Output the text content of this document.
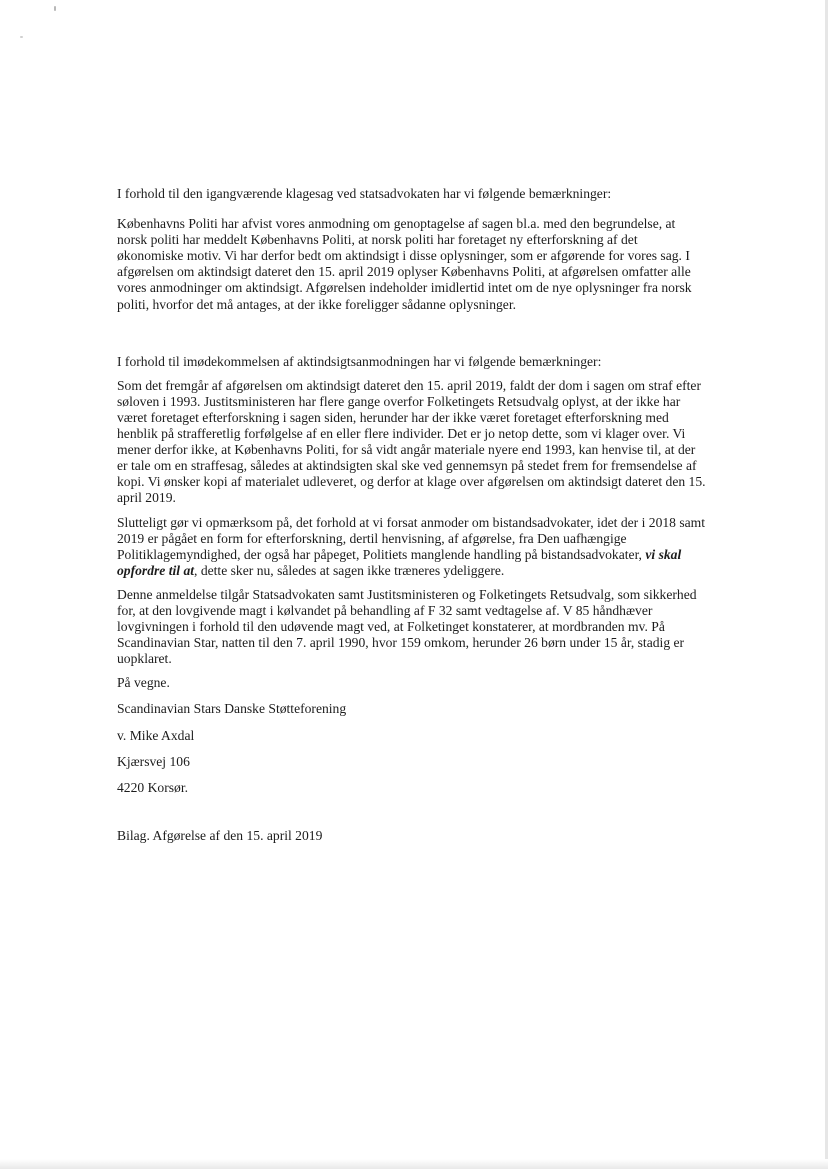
I forhold til den igangværende klagesag ved statsadvokaten har vi følgende bemærkninger:

Københavns Politi har afvist vores anmodning om genoptagelse af sagen bl.a. med den begrundelse, at norsk politi har meddelt Københavns Politi, at norsk politi har foretaget ny efterforskning af det økonomiske motiv. Vi har derfor bedt om aktindsigt i disse oplysninger, som er afgørende for vores sag. I afgørelsen om aktindsigt dateret den 15. april 2019 oplyser Københavns Politi, at afgørelsen omfatter alle vores anmodninger om aktindsigt. Afgørelsen indeholder imidlertid intet om de nye oplysninger fra norsk politi, hvorfor det må antages, at der ikke foreligger sådanne oplysninger.

I forhold til imødekommelsen af aktindsigtsanmodningen har vi følgende bemærkninger:

Som det fremgår af afgørelsen om aktindsigt dateret den 15. april 2019, faldt der dom i sagen om straf efter søloven i 1993. Justitsministeren har flere gange overfor Folketingets Retsudvalg oplyst, at der ikke har været foretaget efterforskning i sagen siden, herunder har der ikke været foretaget efterforskning med henblik på strafferetlig forfølgelse af en eller flere individer. Det er jo netop dette, som vi klager over. Vi mener derfor ikke, at Københavns Politi, for så vidt angår materiale nyere end 1993, kan henvise til, at der er tale om en straffesag, således at aktindsigten skal ske ved gennemsyn på stedet frem for fremsendelse af kopi. Vi ønsker kopi af materialet udleveret, og derfor at klage over afgørelsen om aktindsigt dateret den 15. april 2019.

Slutteligt gør vi opmærksom på, det forhold at vi forsat anmoder om bistandsadvokater, idet der i 2018 samt 2019 er pågået en form for efterforskning, dertil henvisning, af afgørelse, fra Den uafhængige Politiklagemyndighed, der også har påpeget, Politiets manglende handling på bistandsadvokater, vi skal opfordre til at, dette sker nu, således at sagen ikke træneres ydeliggere.

Denne anmeldelse tilgår Statsadvokaten samt Justitsministeren og Folketingets Retsudvalg, som sikkerhed for, at den lovgivende magt i kølvandet på behandling af F 32 samt vedtagelse af. V 85 håndhæver lovgivningen i forhold til den udøvende magt ved, at Folketinget konstaterer, at mordbranden mv. På Scandinavian Star, natten til den 7. april 1990, hvor 159 omkom, herunder 26 børn under 15 år, stadig er uopklaret.

På vegne.

Scandinavian Stars Danske Støtteforening

v. Mike Axdal

Kjærsvej 106

4220 Korsør.

Bilag. Afgørelse af den 15. april 2019
